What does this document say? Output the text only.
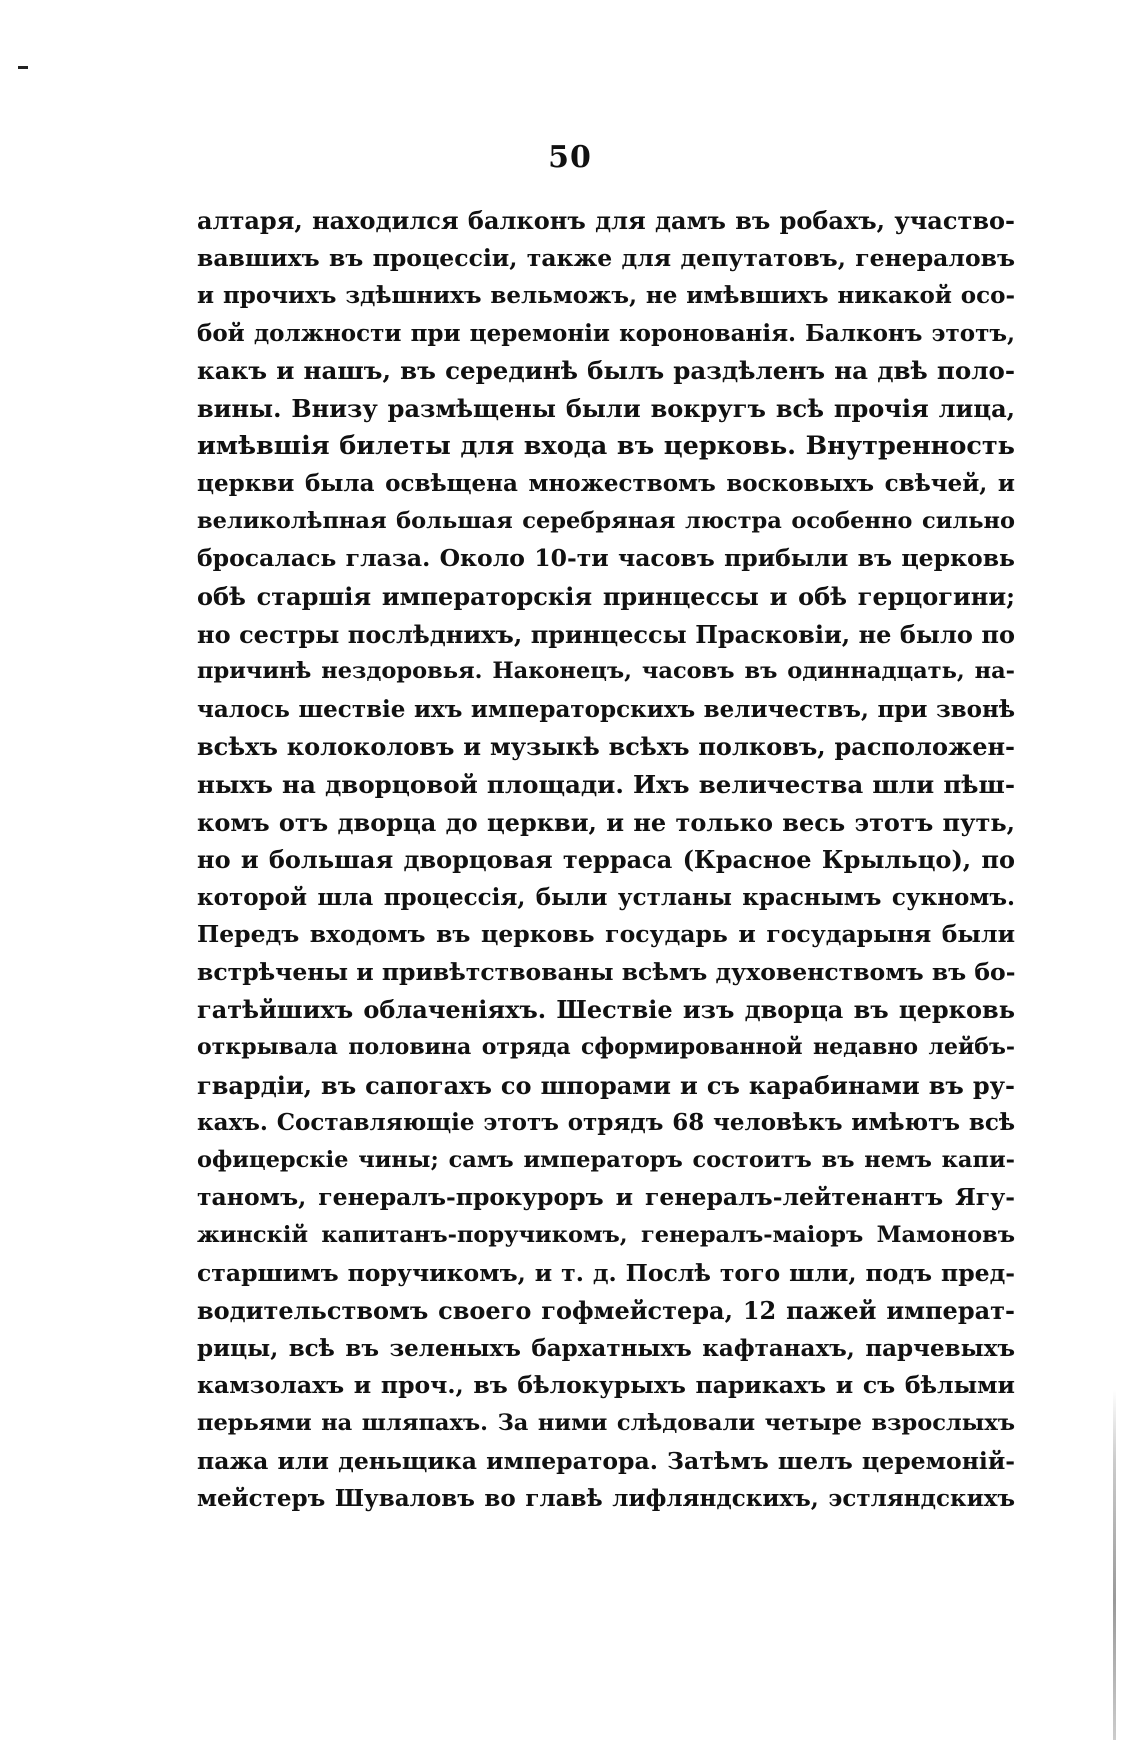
50
алтаря, находился балконъ для дамъ въ робахъ, участво-
вавшихъ въ процессіи, также для депутатовъ, генераловъ
и прочихъ здѣшнихъ вельможъ, не имѣвшихъ никакой осо-
бой должности при церемоніи коронованія. Балконъ этотъ,
какъ и нашъ, въ серединѣ былъ раздѣленъ на двѣ поло-
вины. Внизу размѣщены были вокругъ всѣ прочія лица,
имѣвшія билеты для входа въ церковь. Внутренность
церкви была освѣщена множествомъ восковыхъ свѣчей, и
великолѣпная большая серебряная люстра особенно сильно
бросалась глаза. Около 10-ти часовъ прибыли въ церковь
обѣ старшія императорскія принцессы и обѣ герцогини;
но сестры послѣднихъ, принцессы Прасковіи, не было по
причинѣ нездоровья. Наконецъ, часовъ въ одиннадцать, на-
чалось шествіе ихъ императорскихъ величествъ, при звонѣ
всѣхъ колоколовъ и музыкѣ всѣхъ полковъ, расположен-
ныхъ на дворцовой площади. Ихъ величества шли пѣш-
комъ отъ дворца до церкви, и не только весь этотъ путь,
но и большая дворцовая терраса (Красное Крыльцо), по
которой шла процессія, были устланы краснымъ сукномъ.
Передъ входомъ въ церковь государь и государыня были
встрѣчены и привѣтствованы всѣмъ духовенствомъ въ бо-
гатѣйшихъ облаченіяхъ. Шествіе изъ дворца въ церковь
открывала половина отряда сформированной недавно лейбъ-
гвардіи, въ сапогахъ со шпорами и съ карабинами въ ру-
кахъ. Составляющіе этотъ отрядъ 68 человѣкъ имѣютъ всѣ
офицерскіе чины; самъ императоръ состоитъ въ немъ капи-
таномъ, генералъ-прокуроръ и генералъ-лейтенантъ Ягу-
жинскій капитанъ-поручикомъ, генералъ-маіоръ Мамоновъ
старшимъ поручикомъ, и т. д. Послѣ того шли, подъ пред-
водительствомъ своего гофмейстера, 12 пажей императ-
рицы, всѣ въ зеленыхъ бархатныхъ кафтанахъ, парчевыхъ
камзолахъ и проч., въ бѣлокурыхъ парикахъ и съ бѣлыми
перьями на шляпахъ. За ними слѣдовали четыре взрослыхъ
пажа или деньщика императора. Затѣмъ шелъ церемоній-
мейстеръ Шуваловъ во главѣ лифляндскихъ, эстляндскихъ
